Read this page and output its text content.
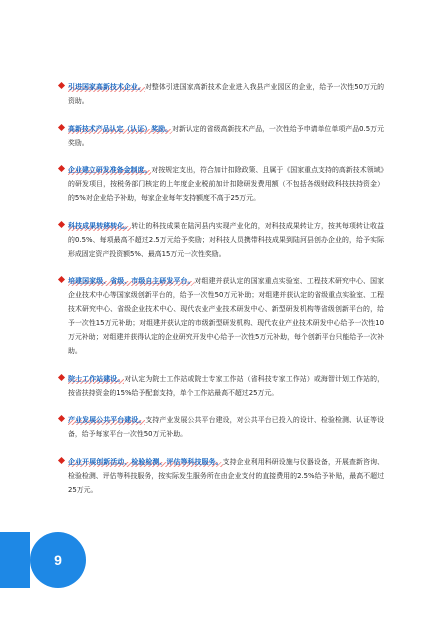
引进国家高新技术企业。对整体引进国家高新技术企业进入我县产业园区的企业，给予一次性50万元的资助。

高新技术产品认定（认证）奖励。对新认定的省级高新技术产品，一次性给予申请单位单项产品0.5万元奖励。

企业建立研发准备金制度。对按规定支出，符合加计扣除政策、且属于《国家重点支持的高新技术领域》的研发项目，按税务部门核定的上年度企业税前加计扣除研发费用额（不包括各级财政科技扶持资金）的5%对企业给予补助，每家企业每年支持额度不高于25万元。

科技成果转移转化。转让的科技成果在陆河县内实现产业化的，对科技成果转让方，按其每项转让收益的0.5%、每项最高不超过2.5万元给予奖励；对科技人员携带科技成果到陆河县创办企业的，给予实际形成固定资产投资额5%、最高15万元一次性奖励。

培建国家级、省级、市级自主研发平台。对组建并获认定的国家重点实验室、工程技术研究中心、国家企业技术中心等国家级创新平台的，给予一次性50万元补助；对组建并获认定的省级重点实验室、工程技术研究中心、省级企业技术中心、现代农业产业技术研发中心、新型研发机构等省级创新平台的，给予一次性15万元补助；对组建并获认定的市级新型研发机构、现代农业产业技术研发中心给予一次性10万元补助；对组建并获得认定的企业研究开发中心给予一次性5万元补助，每个创新平台只能给予一次补助。

院士工作站建设。对认定为院士工作站或院士专家工作站（省科技专家工作站）或海智计划工作站的，按省扶持资金的15%给予配套支持，单个工作站最高不超过25万元。

产业发展公共平台建设。支持产业发展公共平台建设，对公共平台已投入的设计、检验检测、认证等设备，给予每家平台一次性50万元补助。

企业开展创新活动、检验检测、评估等科技服务。支持企业利用科研设施与仪器设备，开展查新咨询、检验检测、评估等科技服务，按实际发生服务所在由企业支付的直接费用的2.5%给予补贴，最高不超过25万元。

9
